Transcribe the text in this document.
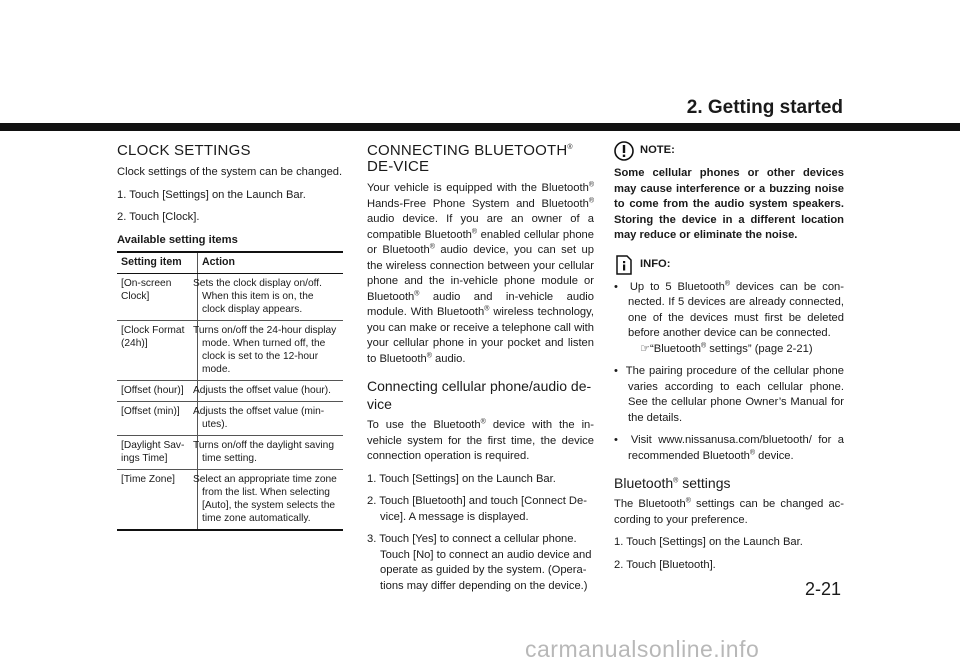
2. Getting started
CLOCK SETTINGS

Clock settings of the system can be changed.

1. Touch [Settings] on the Launch Bar.

2. Touch [Clock].

Available setting items

Setting item	Action
[On-screen Clock]	Sets the clock display on/off. When this item is on, the clock display appears.
[Clock Format (24h)]	Turns on/off the 24-hour display mode. When turned off, the clock is set to the 12-hour mode.
[Offset (hour)]	Adjusts the offset value (hour).
[Offset (min)]	Adjusts the offset value (min-utes).
[Daylight Sav-ings Time]	Turns on/off the daylight saving time setting.
[Time Zone]	Select an appropriate time zone from the list. When selecting [Auto], the system selects the time zone automatically.
CONNECTING BLUETOOTH® DE-VICE

Your vehicle is equipped with the Bluetooth® Hands-Free Phone System and Bluetooth® audio device. If you are an owner of a compatible Bluetooth® enabled cellular phone or Bluetooth® audio device, you can set up the wireless connection between your cellular phone and the in-vehicle phone module or Bluetooth® audio and in-vehicle audio module. With Bluetooth® wireless technology, you can make or receive a telephone call with your cellular phone in your pocket and listen to Bluetooth® audio.

Connecting cellular phone/audio de-vice

To use the Bluetooth® device with the in-vehicle system for the first time, the device connection operation is required.

1. Touch [Settings] on the Launch Bar.

2. Touch [Bluetooth] and touch [Connect De-vice]. A message is displayed.

3. Touch [Yes] to connect a cellular phone. Touch [No] to connect an audio device and operate as guided by the system. (Opera-tions may differ depending on the device.)

NOTE:

Some cellular phones or other devices may cause interference or a buzzing noise to come from the audio system speakers. Storing the device in a different location may reduce or eliminate the noise.

INFO:

•  Up to 5 Bluetooth® devices can be con-nected. If 5 devices are already connected, one of the devices must first be deleted before another device can be connected.
☞“Bluetooth® settings” (page 2-21)

•  The pairing procedure of the cellular phone varies according to each cellular phone. See the cellular phone Owner’s Manual for the details.

•  Visit www.nissanusa.com/bluetooth/ for a recommended Bluetooth® device.

Bluetooth® settings

The Bluetooth® settings can be changed ac-cording to your preference.

1. Touch [Settings] on the Launch Bar.

2. Touch [Bluetooth].

2-21
carmanualsonline.info
